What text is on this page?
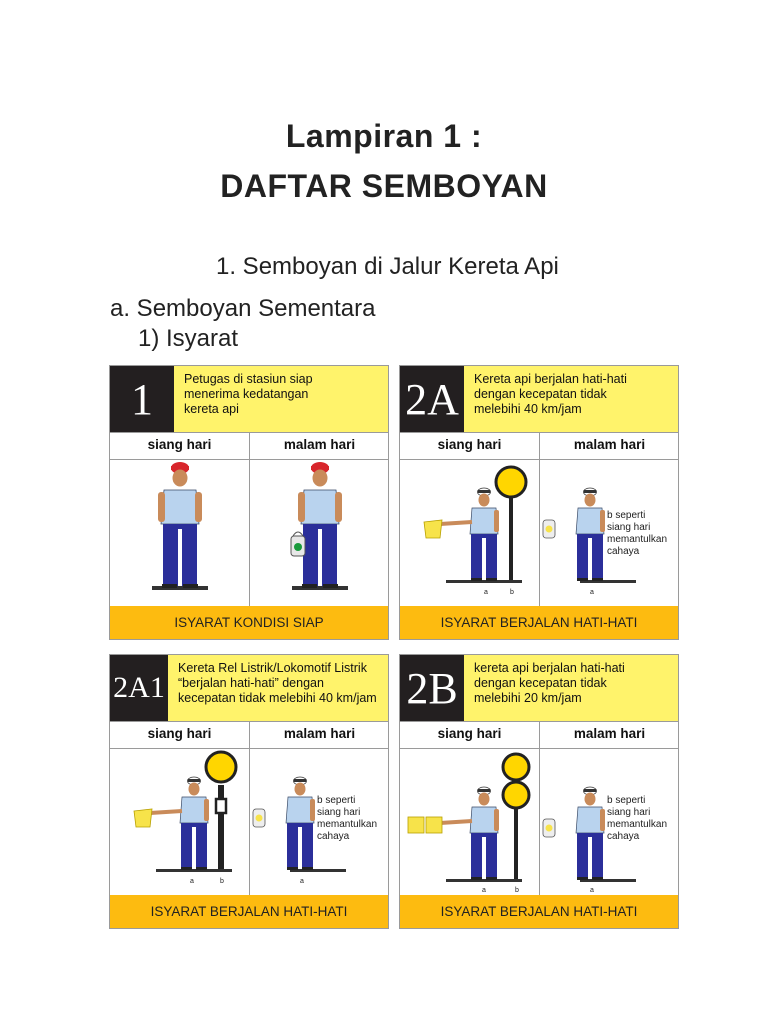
Lampiran 1 :
DAFTAR SEMBOYAN
1. Semboyan di Jalur Kereta Api
a. Semboyan Sementara
1) Isyarat
1	Petugas di stasiun siap
menerima kedatangan
kereta api
siang hari	malam hari
ISYARAT KONDISI SIAP
2A	Kereta api berjalan hati-hati
dengan kecepatan tidak
melebihi 40 km/jam
siang hari	malam hari
a	b	a
b seperti
siang hari
memantulkan
cahaya
ISYARAT BERJALAN HATI-HATI
2A1
Kereta Rel Listrik/Lokomotif Listrik
“berjalan hati-hati” dengan
kecepatan tidak melebihi 40 km/jam
siang hari	malam hari
a	b	a
b seperti
siang hari
memantulkan
cahaya
ISYARAT BERJALAN HATI-HATI
2B	kereta api berjalan hati-hati
dengan kecepatan tidak
melebihi 20 km/jam
siang hari	malam hari
a	b	a
b seperti
siang hari
memantulkan
cahaya
ISYARAT BERJALAN HATI-HATI
